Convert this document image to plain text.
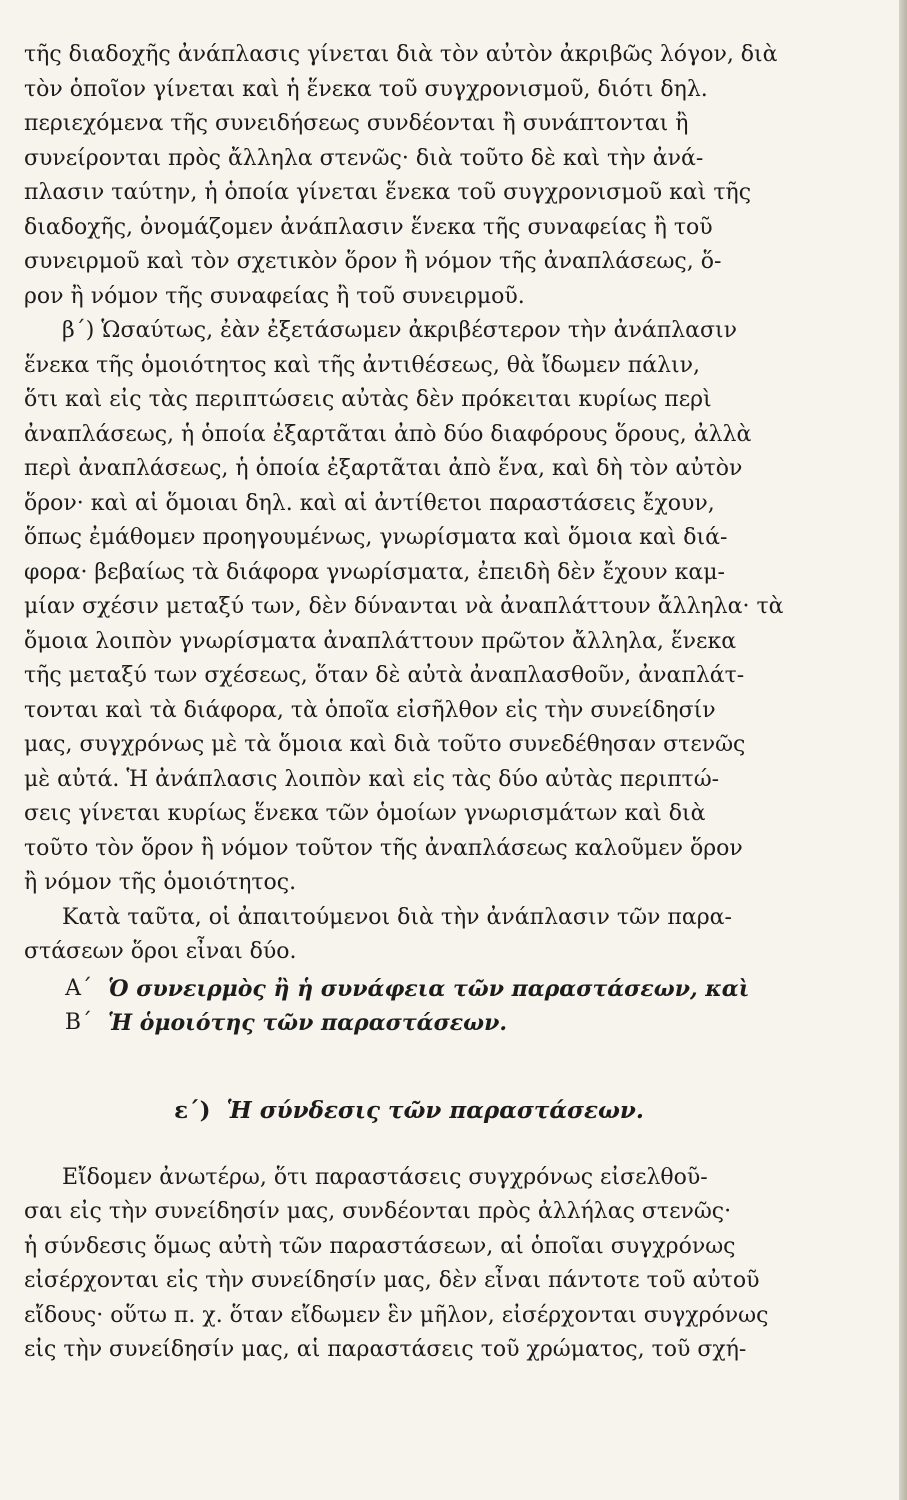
τῆς διαδοχῆς ἀνάπλασις γίνεται διὰ τὸν αὐτὸν ἀκριβῶς λόγον, διὰ
τὸν ὁποῖον γίνεται καὶ ἡ ἕνεκα τοῦ συγχρονισμοῦ, διότι δηλ.
περιεχόμενα τῆς συνειδήσεως συνδέονται ἢ συνάπτονται ἢ
συνείρονται πρὸς ἄλληλα στενῶς· διὰ τοῦτο δὲ καὶ τὴν ἀνά-
πλασιν ταύτην, ἡ ὁποία γίνεται ἕνεκα τοῦ συγχρονισμοῦ καὶ τῆς
διαδοχῆς, ὀνομάζομεν ἀνάπλασιν ἕνεκα τῆς συναφείας ἢ τοῦ
συνειρμοῦ καὶ τὸν σχετικὸν ὅρον ἢ νόμον τῆς ἀναπλάσεως, ὅ-
ρον ἢ νόμον τῆς συναφείας ἢ τοῦ συνειρμοῦ.
β΄) Ὡσαύτως, ἐὰν ἐξετάσωμεν ἀκριβέστερον τὴν ἀνάπλασιν
ἕνεκα τῆς ὁμοιότητος καὶ τῆς ἀντιθέσεως, θὰ ἴδωμεν πάλιν,
ὅτι καὶ εἰς τὰς περιπτώσεις αὐτὰς δὲν πρόκειται κυρίως περὶ
ἀναπλάσεως, ἡ ὁποία ἐξαρτᾶται ἀπὸ δύο διαφόρους ὅρους, ἀλλὰ
περὶ ἀναπλάσεως, ἡ ὁποία ἐξαρτᾶται ἀπὸ ἕνα, καὶ δὴ τὸν αὐτὸν
ὅρον· καὶ αἱ ὅμοιαι δηλ. καὶ αἱ ἀντίθετοι παραστάσεις ἔχουν,
ὅπως ἐμάθομεν προηγουμένως, γνωρίσματα καὶ ὅμοια καὶ διά-
φορα· βεβαίως τὰ διάφορα γνωρίσματα, ἐπειδὴ δὲν ἔχουν καμ-
μίαν σχέσιν μεταξύ των, δὲν δύνανται νὰ ἀναπλάττουν ἄλληλα· τὰ
ὅμοια λοιπὸν γνωρίσματα ἀναπλάττουν πρῶτον ἄλληλα, ἕνεκα
τῆς μεταξύ των σχέσεως, ὅταν δὲ αὐτὰ ἀναπλασθοῦν, ἀναπλάτ-
τονται καὶ τὰ διάφορα, τὰ ὁποῖα εἰσῆλθον εἰς τὴν συνείδησίν
μας, συγχρόνως μὲ τὰ ὅμοια καὶ διὰ τοῦτο συνεδέθησαν στενῶς
μὲ αὐτά. Ἡ ἀνάπλασις λοιπὸν καὶ εἰς τὰς δύο αὐτὰς περιπτώ-
σεις γίνεται κυρίως ἕνεκα τῶν ὁμοίων γνωρισμάτων καὶ διὰ
τοῦτο τὸν ὅρον ἢ νόμον τοῦτον τῆς ἀναπλάσεως καλοῦμεν ὅρον
ἢ νόμον τῆς ὁμοιότητος.
Κατὰ ταῦτα, οἱ ἀπαιτούμενοι διὰ τὴν ἀνάπλασιν τῶν παρα-
στάσεων ὅροι εἶναι δύο.
Α΄ Ὁ συνειρμὸς ἢ ἡ συνάφεια τῶν παραστάσεων, καὶ
Β΄ Ἡ ὁμοιότης τῶν παραστάσεων.
ε΄) Ἡ σύνδεσις τῶν παραστάσεων.
Εἴδομεν ἀνωτέρω, ὅτι παραστάσεις συγχρόνως εἰσελθοῦ-
σαι εἰς τὴν συνείδησίν μας, συνδέονται πρὸς ἀλλήλας στενῶς·
ἡ σύνδεσις ὅμως αὐτὴ τῶν παραστάσεων, αἱ ὁποῖαι συγχρόνως
εἰσέρχονται εἰς τὴν συνείδησίν μας, δὲν εἶναι πάντοτε τοῦ αὐτοῦ
εἴδους· οὕτω π. χ. ὅταν εἴδωμεν ἓν μῆλον, εἰσέρχονται συγχρόνως
εἰς τὴν συνείδησίν μας, αἱ παραστάσεις τοῦ χρώματος, τοῦ σχή-
